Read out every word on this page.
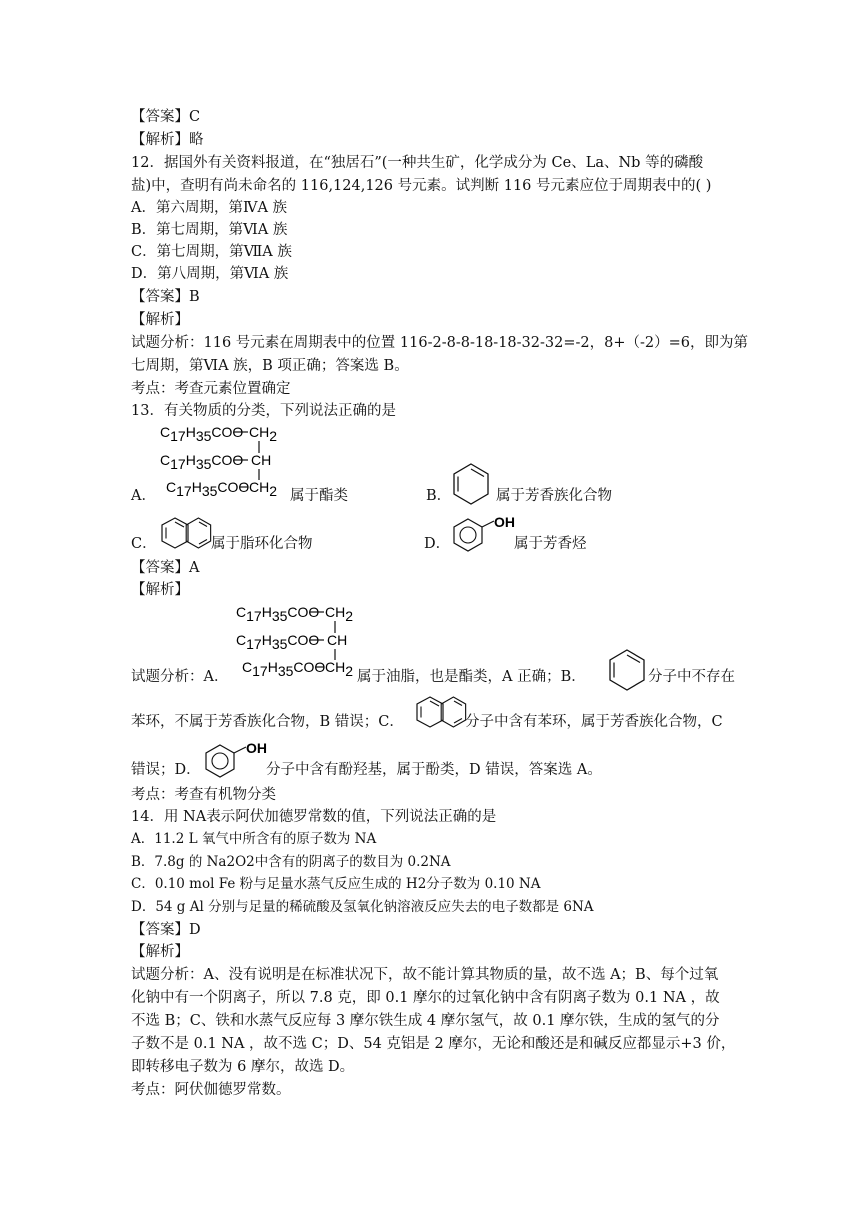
【答案】C
【解析】略
12．据国外有关资料报道，在“独居石”(一种共生矿，化学成分为 Ce、La、Nb 等的磷酸
盐)中，查明有尚未命名的 116,124,126 号元素。试判断 116 号元素应位于周期表中的( )
A．第六周期，第ⅣA 族
B．第七周期，第ⅥA 族
C．第七周期，第ⅦA 族
D．第八周期，第ⅥA 族
【答案】B
【解析】
试题分析：116 号元素在周期表中的位置 116-2-8-8-18-18-32-32=-2，8+（-2）=6，即为第
七周期，第ⅥA 族，B 项正确；答案选 B。
考点：考查元素位置确定
13．有关物质的分类，下列说法正确的是
C17H35COO CH2
C17H35COO CH
C17H35COO CH2
A．	属于酯类	B．	属于芳香族化合物
C．	属于脂环化合物	D．
OH
属于芳香烃
【答案】A
【解析】
C17H35COO CH2
C17H35COO CH
C17H35COO CH2
试题分析：A．	属于油脂，也是酯类，A 正确；B．	分子中不存在
苯环，不属于芳香族化合物，B 错误；C．	分子中含有苯环，属于芳香族化合物，C
错误；D．
OH
分子中含有酚羟基，属于酚类，D 错误，答案选 A。
考点：考查有机物分类
14．用 NA表示阿伏加德罗常数的值，下列说法正确的是
A．11.2 L 氧气中所含有的原子数为 NA
B．7.8g 的 Na2O2中含有的阴离子的数目为 0.2NA
C．0.10 mol Fe 粉与足量水蒸气反应生成的 H2分子数为 0.10 NA
D．54 g Al 分别与足量的稀硫酸及氢氧化钠溶液反应失去的电子数都是 6NA
【答案】D
【解析】
试题分析：A、没有说明是在标准状况下，故不能计算其物质的量，故不选 A；B、每个过氧
化钠中有一个阴离子，所以 7.8 克，即 0.1 摩尔的过氧化钠中含有阴离子数为 0.1 NA ，故
不选 B；C、铁和水蒸气反应每 3 摩尔铁生成 4 摩尔氢气，故 0.1 摩尔铁，生成的氢气的分
子数不是 0.1 NA ，故不选 C；D、54 克铝是 2 摩尔，无论和酸还是和碱反应都显示+3 价，
即转移电子数为 6 摩尔，故选 D。
考点：阿伏伽德罗常数。
